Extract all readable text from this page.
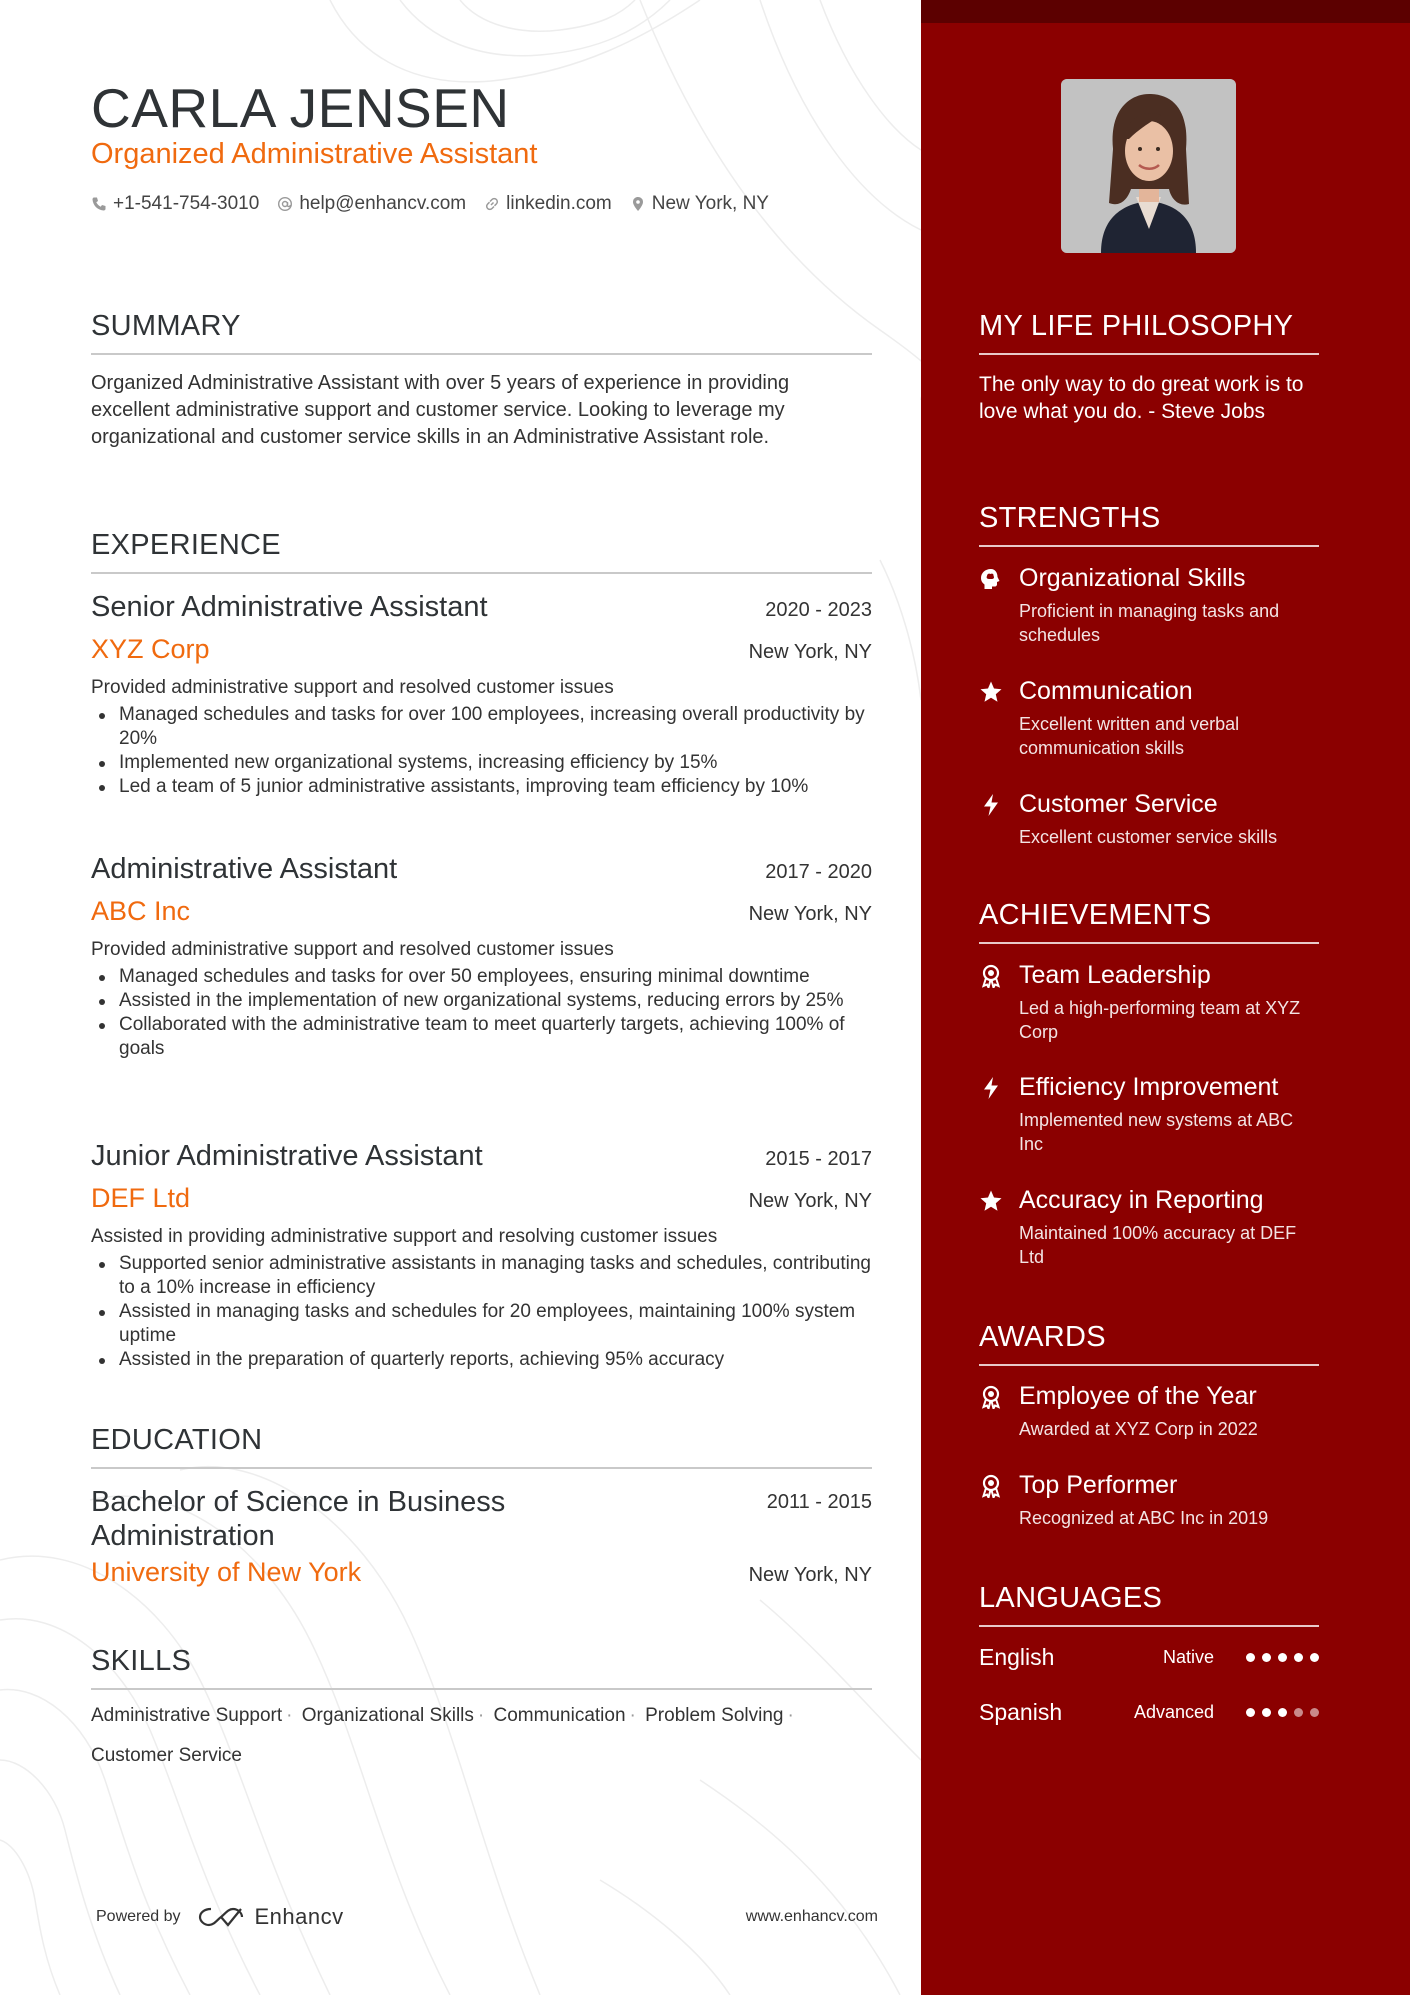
CARLA JENSEN
Organized Administrative Assistant
+1-541-754-3010 help@enhancv.com linkedin.com New York, NY
SUMMARY
Organized Administrative Assistant with over 5 years of experience in providing excellent administrative support and customer service. Looking to leverage my organizational and customer service skills in an Administrative Assistant role.
EXPERIENCE
Senior Administrative Assistant	2020 - 2023
XYZ Corp	New York, NY
Provided administrative support and resolved customer issues
Managed schedules and tasks for over 100 employees, increasing overall productivity by 20%
Implemented new organizational systems, increasing efficiency by 15%
Led a team of 5 junior administrative assistants, improving team efficiency by 10%
Administrative Assistant	2017 - 2020
ABC Inc	New York, NY
Provided administrative support and resolved customer issues
Managed schedules and tasks for over 50 employees, ensuring minimal downtime
Assisted in the implementation of new organizational systems, reducing errors by 25%
Collaborated with the administrative team to meet quarterly targets, achieving 100% of goals
Junior Administrative Assistant	2015 - 2017
DEF Ltd	New York, NY
Assisted in providing administrative support and resolving customer issues
Supported senior administrative assistants in managing tasks and schedules, contributing to a 10% increase in efficiency
Assisted in managing tasks and schedules for 20 employees, maintaining 100% system uptime
Assisted in the preparation of quarterly reports, achieving 95% accuracy
EDUCATION
Bachelor of Science in Business Administration
2011 - 2015
University of New York	New York, NY
SKILLS
Administrative Support · Organizational Skills · Communication · Problem Solving ·
Customer Service
Powered by	Enhancv	www.enhancv.com
MY LIFE PHILOSOPHY
The only way to do great work is to love what you do. - Steve Jobs
STRENGTHS
Organizational Skills
Proficient in managing tasks and schedules
Communication
Excellent written and verbal communication skills
Customer Service
Excellent customer service skills
ACHIEVEMENTS
Team Leadership
Led a high-performing team at XYZ Corp
Efficiency Improvement
Implemented new systems at ABC Inc
Accuracy in Reporting
Maintained 100% accuracy at DEF Ltd
AWARDS
Employee of the Year
Awarded at XYZ Corp in 2022
Top Performer
Recognized at ABC Inc in 2019
LANGUAGES
English	Native
Spanish	Advanced
